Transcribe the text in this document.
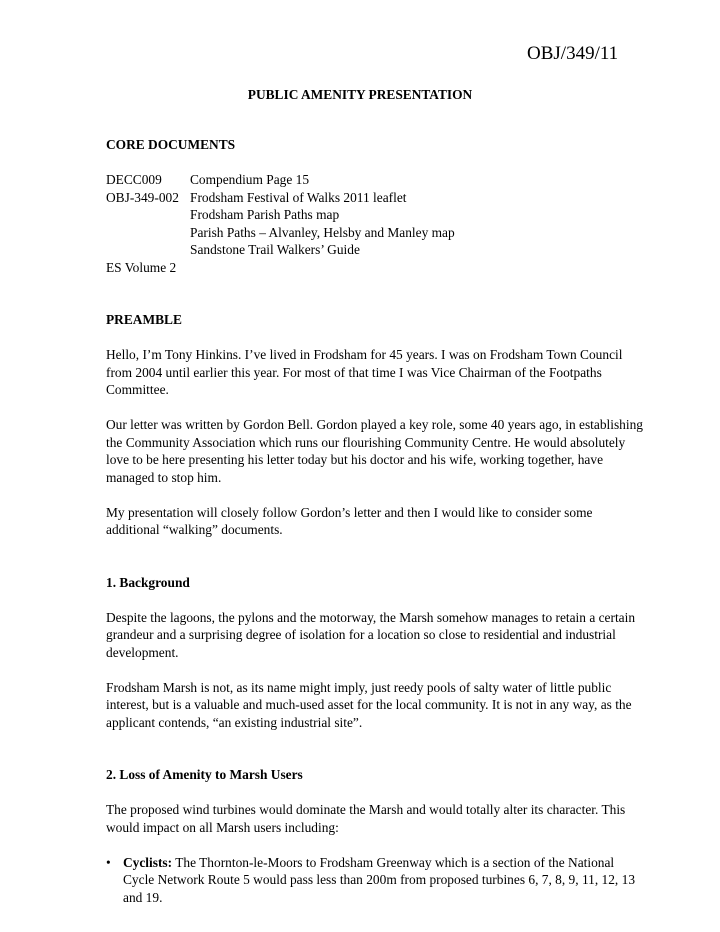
OBJ/349/11
PUBLIC AMENITY PRESENTATION
CORE DOCUMENTS
DECC009	Compendium Page 15
OBJ-349-002 Frodsham Festival of Walks 2011 leaflet
Frodsham Parish Paths map
Parish Paths – Alvanley, Helsby and Manley map
Sandstone Trail Walkers’ Guide
ES Volume 2
PREAMBLE

Hello, I’m Tony Hinkins. I’ve lived in Frodsham for 45 years. I was on Frodsham Town Council from 2004 until earlier this year. For most of that time I was Vice Chairman of the Footpaths Committee.

Our letter was written by Gordon Bell. Gordon played a key role, some 40 years ago, in establishing the Community Association which runs our flourishing Community Centre. He would absolutely love to be here presenting his letter today but his doctor and his wife, working together, have managed to stop him.

My presentation will closely follow Gordon’s letter and then I would like to consider some additional “walking” documents.

1. Background

Despite the lagoons, the pylons and the motorway, the Marsh somehow manages to retain a certain grandeur and a surprising degree of isolation for a location so close to residential and industrial development.

Frodsham Marsh is not, as its name might imply, just reedy pools of salty water of little public interest, but is a valuable and much-used asset for the local community. It is not in any way, as the applicant contends, “an existing industrial site”.

2. Loss of Amenity to Marsh Users

The proposed wind turbines would dominate the Marsh and would totally alter its character. This would impact on all Marsh users including:

• Cyclists: The Thornton-le-Moors to Frodsham Greenway which is a section of the National Cycle Network Route 5 would pass less than 200m from proposed turbines 6, 7, 8, 9, 11, 12, 13 and 19.
